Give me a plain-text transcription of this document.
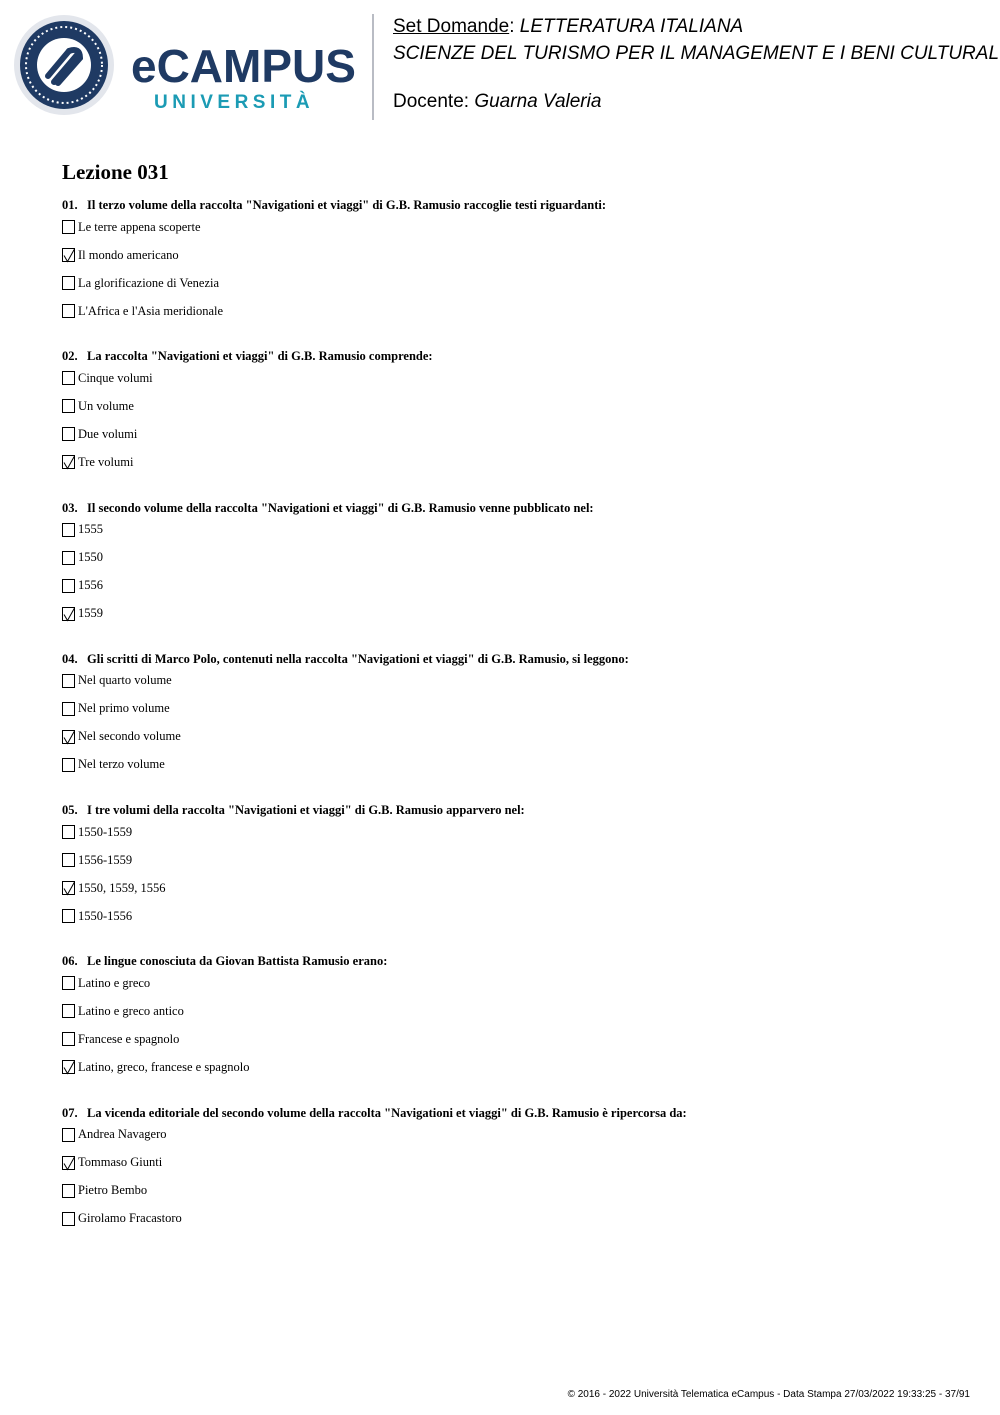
eCAMPUS
UNIVERSITÀ
Set Domande: LETTERATURA ITALIANA
SCIENZE DEL TURISMO PER IL MANAGEMENT E I BENI CULTURAL
Docente: Guarna Valeria
Lezione 031
01. Il terzo volume della raccolta "Navigationi et viaggi" di G.B. Ramusio raccoglie testi riguardanti:
Le terre appena scoperte
Il mondo americano
La glorificazione di Venezia
L'Africa e l'Asia meridionale
02. La raccolta "Navigationi et viaggi" di G.B. Ramusio comprende:
Cinque volumi
Un volume
Due volumi
Tre volumi
03. Il secondo volume della raccolta "Navigationi et viaggi" di G.B. Ramusio venne pubblicato nel:
1555
1550
1556
1559
04. Gli scritti di Marco Polo, contenuti nella raccolta "Navigationi et viaggi" di G.B. Ramusio, si leggono:
Nel quarto volume
Nel primo volume
Nel secondo volume
Nel terzo volume
05. I tre volumi della raccolta "Navigationi et viaggi" di G.B. Ramusio apparvero nel:
1550-1559
1556-1559
1550, 1559, 1556
1550-1556
06. Le lingue conosciuta da Giovan Battista Ramusio erano:
Latino e greco
Latino e greco antico
Francese e spagnolo
Latino, greco, francese e spagnolo
07. La vicenda editoriale del secondo volume della raccolta "Navigationi et viaggi" di G.B. Ramusio è ripercorsa da:
Andrea Navagero
Tommaso Giunti
Pietro Bembo
Girolamo Fracastoro
© 2016 - 2022 Università Telematica eCampus - Data Stampa 27/03/2022 19:33:25 - 37/91
